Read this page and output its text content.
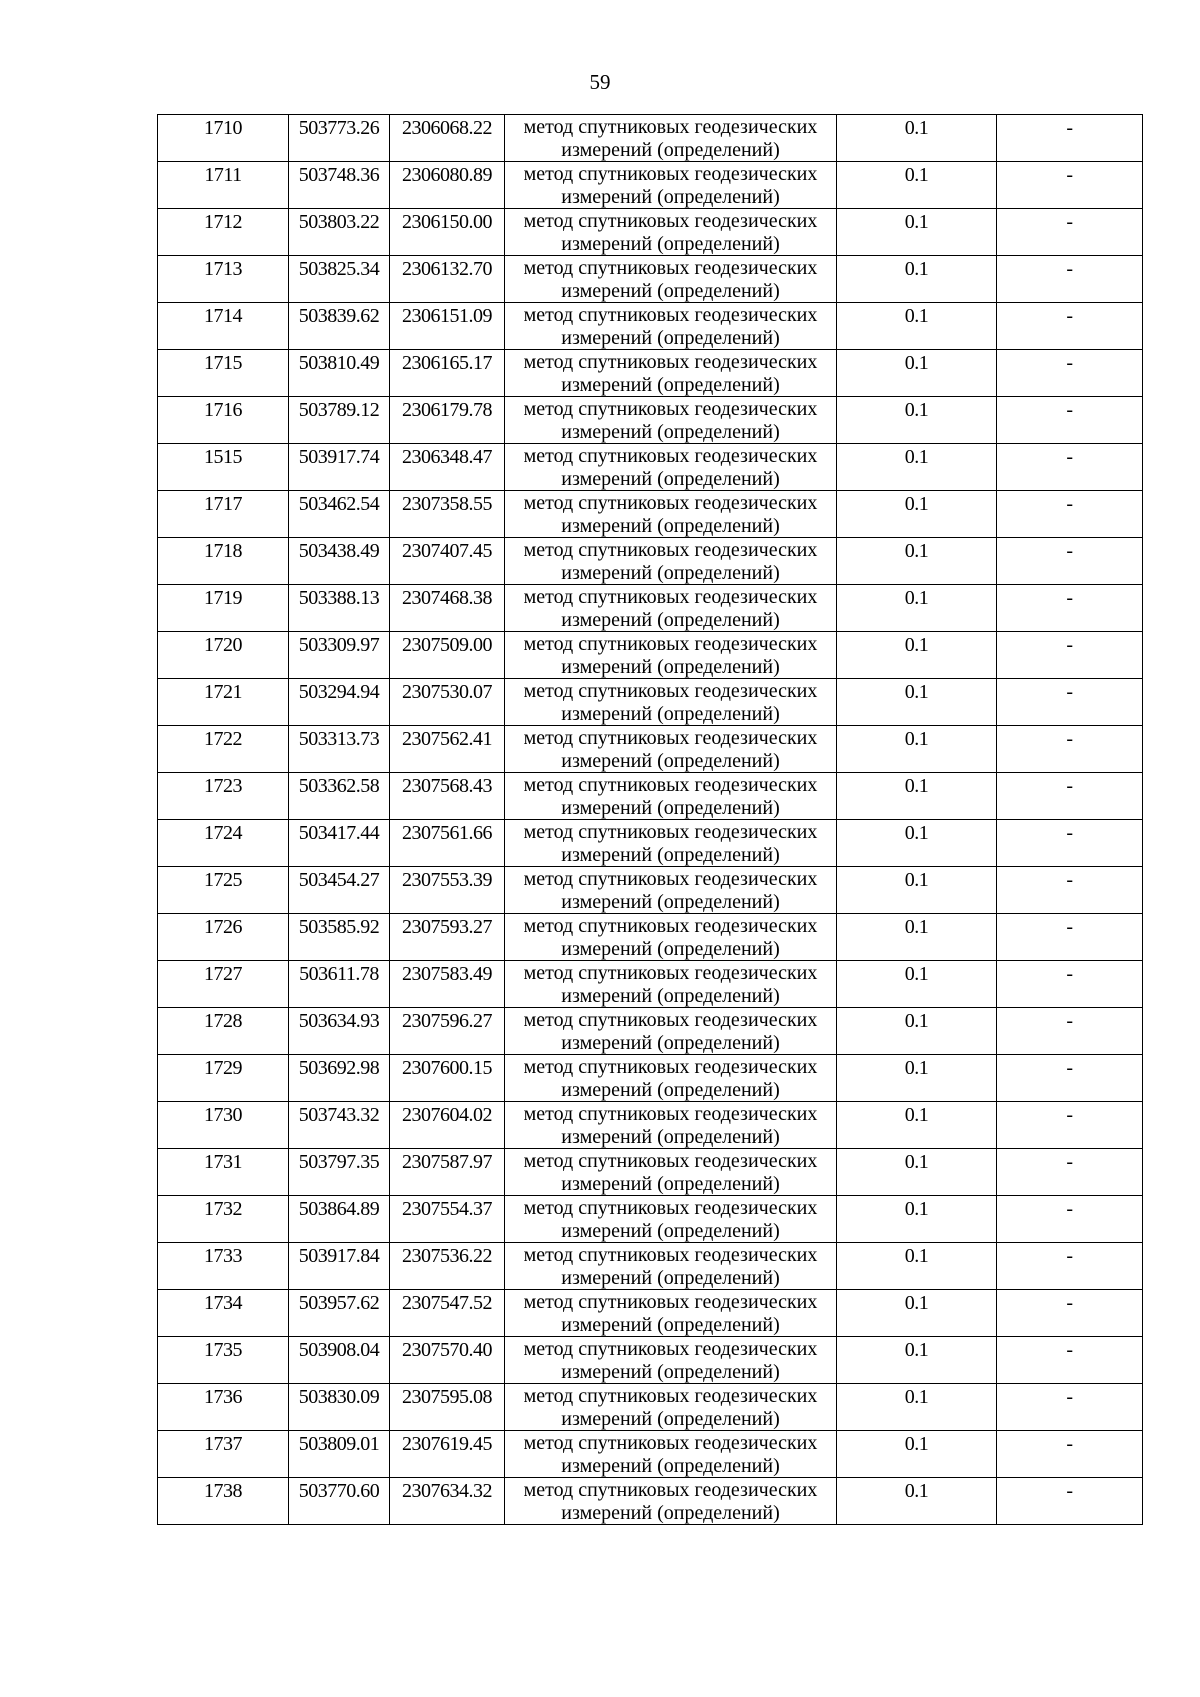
59
1710	503773.26	2306068.22	метод спутниковых геодезических измерений (определений)	0.1	-
1711	503748.36	2306080.89	метод спутниковых геодезических измерений (определений)	0.1	-
1712	503803.22	2306150.00	метод спутниковых геодезических измерений (определений)	0.1	-
1713	503825.34	2306132.70	метод спутниковых геодезических измерений (определений)	0.1	-
1714	503839.62	2306151.09	метод спутниковых геодезических измерений (определений)	0.1	-
1715	503810.49	2306165.17	метод спутниковых геодезических измерений (определений)	0.1	-
1716	503789.12	2306179.78	метод спутниковых геодезических измерений (определений)	0.1	-
1515	503917.74	2306348.47	метод спутниковых геодезических измерений (определений)	0.1	-
1717	503462.54	2307358.55	метод спутниковых геодезических измерений (определений)	0.1	-
1718	503438.49	2307407.45	метод спутниковых геодезических измерений (определений)	0.1	-
1719	503388.13	2307468.38	метод спутниковых геодезических измерений (определений)	0.1	-
1720	503309.97	2307509.00	метод спутниковых геодезических измерений (определений)	0.1	-
1721	503294.94	2307530.07	метод спутниковых геодезических измерений (определений)	0.1	-
1722	503313.73	2307562.41	метод спутниковых геодезических измерений (определений)	0.1	-
1723	503362.58	2307568.43	метод спутниковых геодезических измерений (определений)	0.1	-
1724	503417.44	2307561.66	метод спутниковых геодезических измерений (определений)	0.1	-
1725	503454.27	2307553.39	метод спутниковых геодезических измерений (определений)	0.1	-
1726	503585.92	2307593.27	метод спутниковых геодезических измерений (определений)	0.1	-
1727	503611.78	2307583.49	метод спутниковых геодезических измерений (определений)	0.1	-
1728	503634.93	2307596.27	метод спутниковых геодезических измерений (определений)	0.1	-
1729	503692.98	2307600.15	метод спутниковых геодезических измерений (определений)	0.1	-
1730	503743.32	2307604.02	метод спутниковых геодезических измерений (определений)	0.1	-
1731	503797.35	2307587.97	метод спутниковых геодезических измерений (определений)	0.1	-
1732	503864.89	2307554.37	метод спутниковых геодезических измерений (определений)	0.1	-
1733	503917.84	2307536.22	метод спутниковых геодезических измерений (определений)	0.1	-
1734	503957.62	2307547.52	метод спутниковых геодезических измерений (определений)	0.1	-
1735	503908.04	2307570.40	метод спутниковых геодезических измерений (определений)	0.1	-
1736	503830.09	2307595.08	метод спутниковых геодезических измерений (определений)	0.1	-
1737	503809.01	2307619.45	метод спутниковых геодезических измерений (определений)	0.1	-
1738	503770.60	2307634.32	метод спутниковых геодезических измерений (определений)	0.1	-
